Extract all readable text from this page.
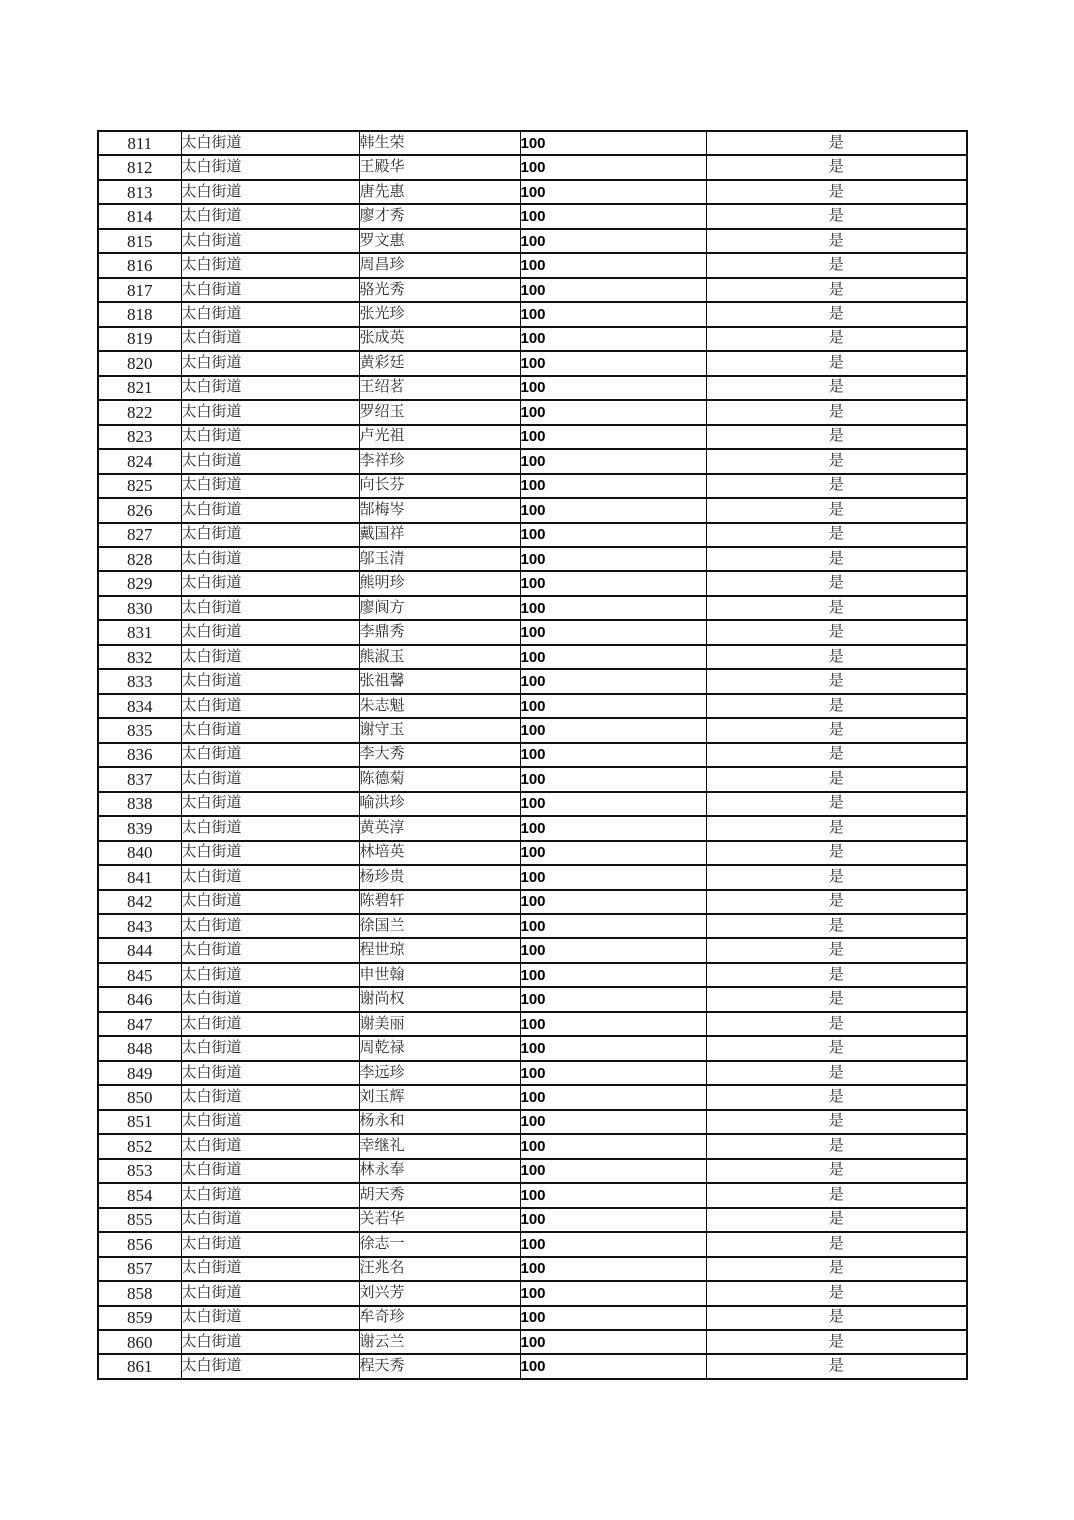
811	太白街道	韩生荣	100	是
812	太白街道	王殿华	100	是
813	太白街道	唐先惠	100	是
814	太白街道	廖才秀	100	是
815	太白街道	罗文惠	100	是
816	太白街道	周昌珍	100	是
817	太白街道	骆光秀	100	是
818	太白街道	张光珍	100	是
819	太白街道	张成英	100	是
820	太白街道	黄彩廷	100	是
821	太白街道	王绍茗	100	是
822	太白街道	罗绍玉	100	是
823	太白街道	卢光祖	100	是
824	太白街道	李祥珍	100	是
825	太白街道	向长芬	100	是
826	太白街道	郜梅岑	100	是
827	太白街道	戴国祥	100	是
828	太白街道	邬玉清	100	是
829	太白街道	熊明珍	100	是
830	太白街道	廖阆方	100	是
831	太白街道	李鼎秀	100	是
832	太白街道	熊淑玉	100	是
833	太白街道	张祖馨	100	是
834	太白街道	朱志魁	100	是
835	太白街道	谢守玉	100	是
836	太白街道	李大秀	100	是
837	太白街道	陈德菊	100	是
838	太白街道	喻洪珍	100	是
839	太白街道	黄英淳	100	是
840	太白街道	林培英	100	是
841	太白街道	杨珍贵	100	是
842	太白街道	陈碧轩	100	是
843	太白街道	徐国兰	100	是
844	太白街道	程世琼	100	是
845	太白街道	申世翰	100	是
846	太白街道	谢尚权	100	是
847	太白街道	谢美丽	100	是
848	太白街道	周乾禄	100	是
849	太白街道	李远珍	100	是
850	太白街道	刘玉辉	100	是
851	太白街道	杨永和	100	是
852	太白街道	幸继礼	100	是
853	太白街道	林永奉	100	是
854	太白街道	胡天秀	100	是
855	太白街道	关若华	100	是
856	太白街道	徐志一	100	是
857	太白街道	汪兆名	100	是
858	太白街道	刘兴芳	100	是
859	太白街道	牟奇珍	100	是
860	太白街道	谢云兰	100	是
861	太白街道	程天秀	100	是
